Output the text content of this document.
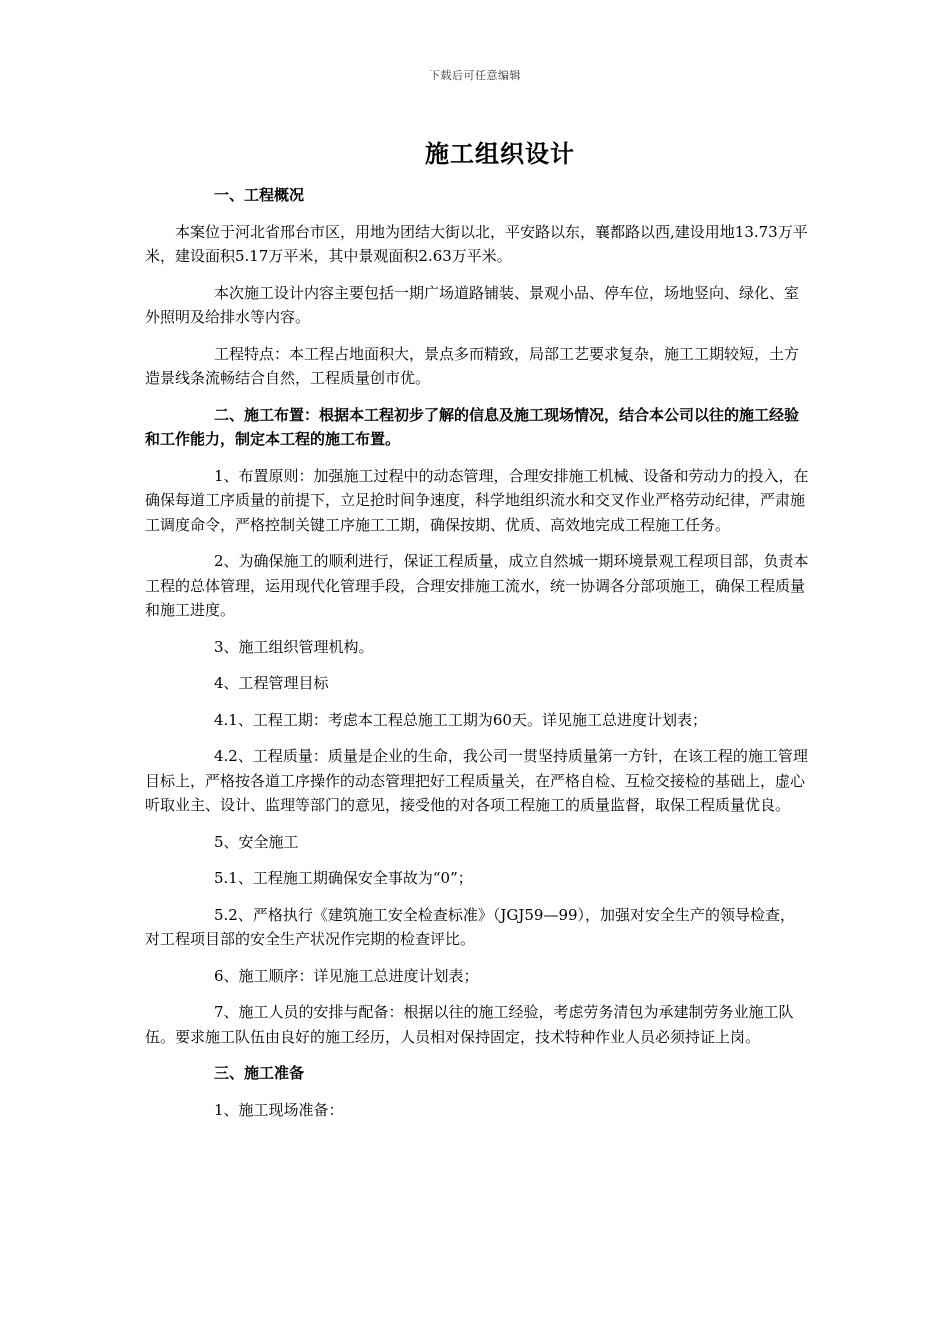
下载后可任意编辑
施工组织设计

一、工程概况

本案位于河北省邢台市区，用地为团结大街以北，平安路以东，襄都路以西,建设用地13.73万平米，建设面积5.17万平米，其中景观面积2.63万平米。

本次施工设计内容主要包括一期广场道路铺装、景观小品、停车位，场地竖向、绿化、室外照明及给排水等内容。

工程特点：本工程占地面积大，景点多而精致，局部工艺要求复杂，施工工期较短，土方造景线条流畅结合自然，工程质量创市优。

二、施工布置：根据本工程初步了解的信息及施工现场情况，结合本公司以往的施工经验和工作能力，制定本工程的施工布置。

1、布置原则：加强施工过程中的动态管理，合理安排施工机械、设备和劳动力的投入，在确保每道工序质量的前提下，立足抢时间争速度，科学地组织流水和交叉作业严格劳动纪律，严肃施工调度命令，严格控制关键工序施工工期，确保按期、优质、高效地完成工程施工任务。

2、为确保施工的顺利进行，保证工程质量，成立自然城一期环境景观工程项目部，负责本工程的总体管理，运用现代化管理手段，合理安排施工流水，统一协调各分部项施工，确保工程质量和施工进度。

3、施工组织管理机构。

4、工程管理目标

4.1、工程工期：考虑本工程总施工工期为60天。详见施工总进度计划表；

4.2、工程质量：质量是企业的生命，我公司一贯坚持质量第一方针，在该工程的施工管理目标上，严格按各道工序操作的动态管理把好工程质量关，在严格自检、互检交接检的基础上，虚心听取业主、设计、监理等部门的意见，接受他的对各项工程施工的质量监督，取保工程质量优良。

5、安全施工

5.1、工程施工期确保安全事故为“0”；

5.2、严格执行《建筑施工安全检查标准》（JGJ59—99），加强对安全生产的领导检查，对工程项目部的安全生产状况作完期的检查评比。

6、施工顺序：详见施工总进度计划表；

7、施工人员的安排与配备：根据以往的施工经验，考虑劳务清包为承建制劳务业施工队伍。要求施工队伍由良好的施工经历，人员相对保持固定，技术特种作业人员必须持证上岗。

三、施工准备

1、施工现场准备：
